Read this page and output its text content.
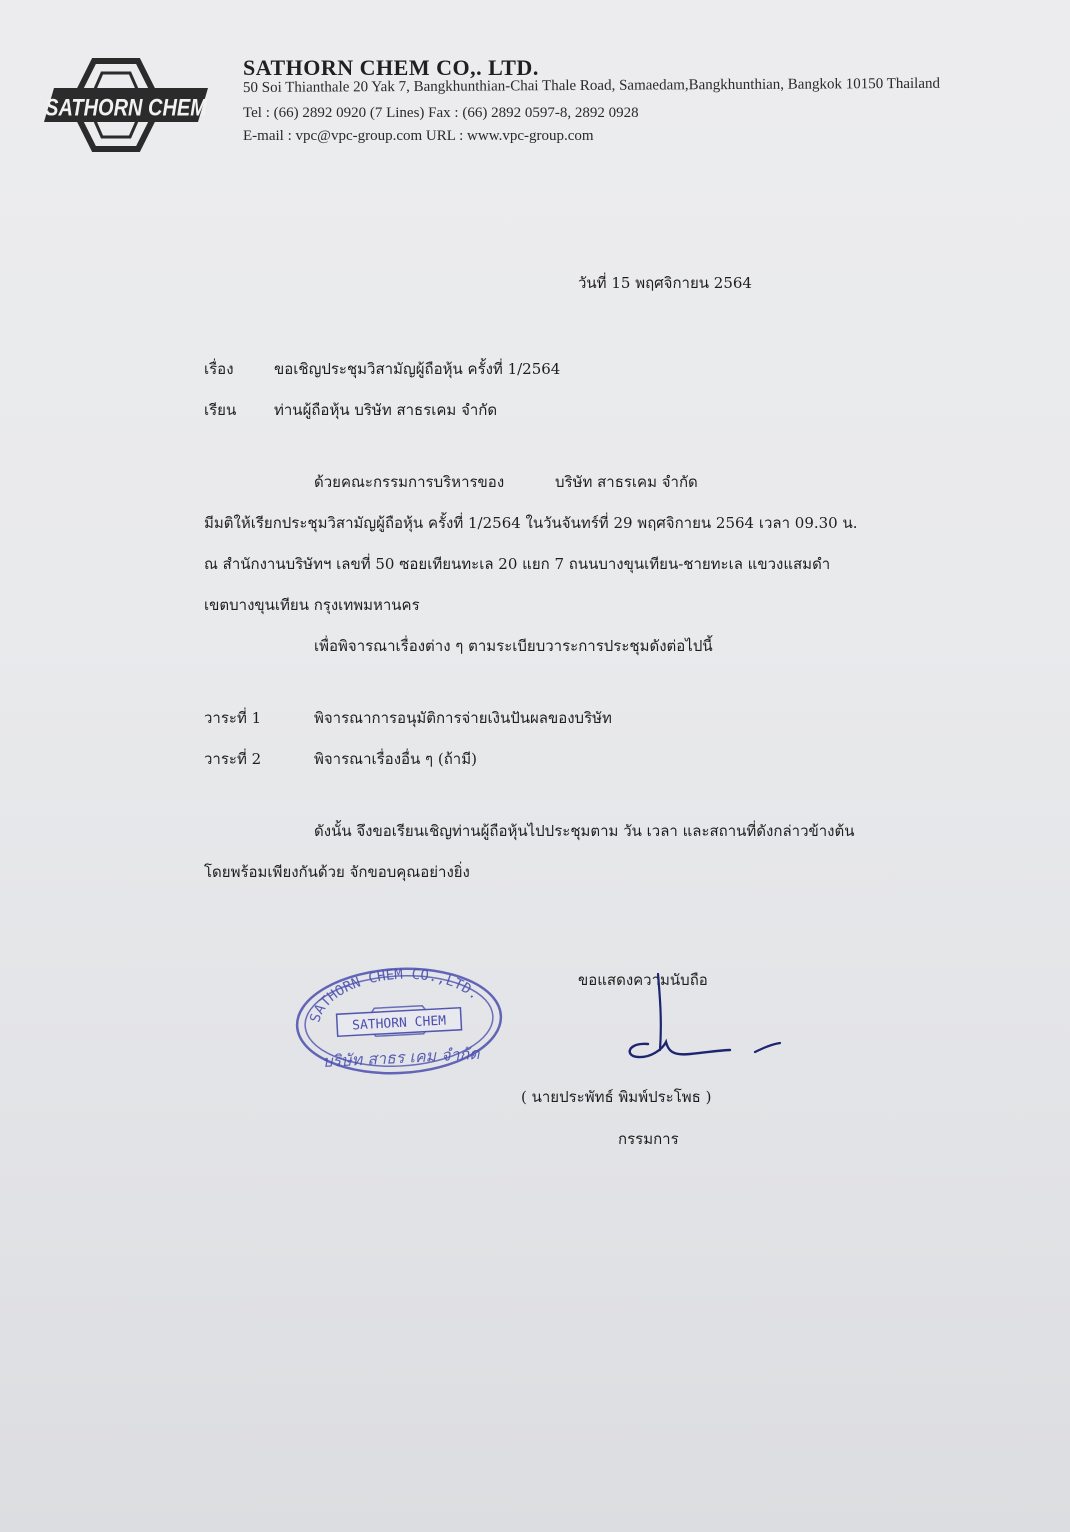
SATHORN CHEM
SATHORN CHEM CO,. LTD.
50 Soi Thianthale 20 Yak 7, Bangkhunthian-Chai Thale Road, Samaedam,Bangkhunthian, Bangkok 10150 Thailand
Tel : (66) 2892 0920 (7 Lines) Fax : (66) 2892 0597-8, 2892 0928
E-mail : vpc@vpc-group.com URL : www.vpc-group.com
วันที่ 15 พฤศจิกายน 2564
เรื่อง	ขอเชิญประชุมวิสามัญผู้ถือหุ้น ครั้งที่ 1/2564
เรียน	ท่านผู้ถือหุ้น บริษัท สาธรเคม จำกัด
ด้วยคณะกรรมการบริหารของ	บริษัท สาธรเคม จำกัด
มีมติให้เรียกประชุมวิสามัญผู้ถือหุ้น ครั้งที่ 1/2564 ในวันจันทร์ที่ 29 พฤศจิกายน 2564 เวลา 09.30 น.
ณ สำนักงานบริษัทฯ เลขที่ 50 ซอยเทียนทะเล 20 แยก 7 ถนนบางขุนเทียน-ชายทะเล แขวงแสมดำ
เขตบางขุนเทียน กรุงเทพมหานคร
เพื่อพิจารณาเรื่องต่าง ๆ ตามระเบียบวาระการประชุมดังต่อไปนี้
วาระที่ 1	พิจารณาการอนุมัติการจ่ายเงินปันผลของบริษัท
วาระที่ 2	พิจารณาเรื่องอื่น ๆ (ถ้ามี)
ดังนั้น จึงขอเรียนเชิญท่านผู้ถือหุ้นไปประชุมตาม วัน เวลา และสถานที่ดังกล่าวข้างต้น
โดยพร้อมเพียงกันด้วย จักขอบคุณอย่างยิ่ง
SATHORN CHEM CO.,LTD.
SATHORN CHEM
บริษัท สาธร เคม จำกัด
ขอแสดงความนับถือ
( นายประพัทธ์ พิมพ์ประโพธ )
กรรมการ
